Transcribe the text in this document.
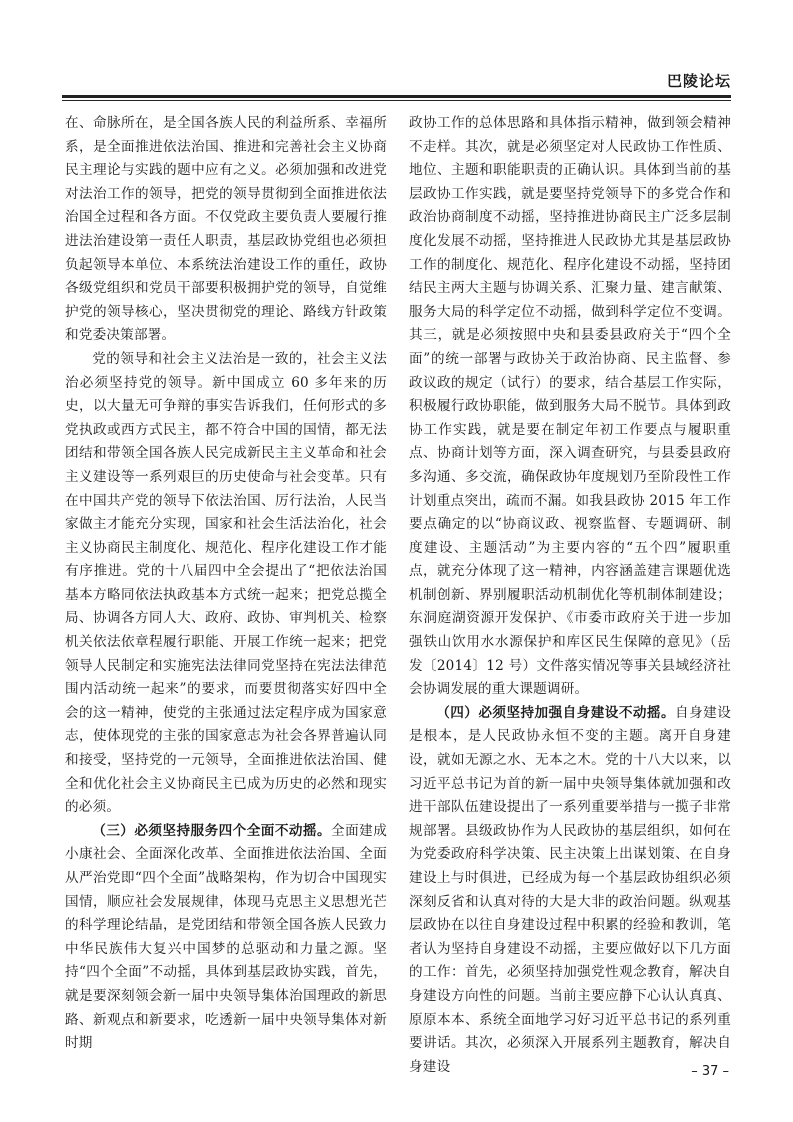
巴陵论坛

在、命脉所在，是全国各族人民的利益所系、幸福所系，是全面推进依法治国、推进和完善社会主义协商民主理论与实践的题中应有之义。必须加强和改进党对法治工作的领导，把党的领导贯彻到全面推进依法治国全过程和各方面。不仅党政主要负责人要履行推进法治建设第一责任人职责，基层政协党组也必须担负起领导本单位、本系统法治建设工作的重任，政协各级党组织和党员干部要积极拥护党的领导，自觉维护党的领导核心，坚决贯彻党的理论、路线方针政策和党委决策部署。

党的领导和社会主义法治是一致的，社会主义法治必须坚持党的领导。新中国成立 60 多年来的历史，以大量无可争辩的事实告诉我们，任何形式的多党执政或西方式民主，都不符合中国的国情，都无法团结和带领全国各族人民完成新民主主义革命和社会主义建设等一系列艰巨的历史使命与社会变革。只有在中国共产党的领导下依法治国、厉行法治，人民当家做主才能充分实现，国家和社会生活法治化，社会主义协商民主制度化、规范化、程序化建设工作才能有序推进。党的十八届四中全会提出了“把依法治国基本方略同依法执政基本方式统一起来；把党总揽全局、协调各方同人大、政府、政协、审判机关、检察机关依法依章程履行职能、开展工作统一起来；把党领导人民制定和实施宪法法律同党坚持在宪法法律范围内活动统一起来”的要求，而要贯彻落实好四中全会的这一精神，使党的主张通过法定程序成为国家意志，使体现党的主张的国家意志为社会各界普遍认同和接受，坚持党的一元领导，全面推进依法治国、健全和优化社会主义协商民主已成为历史的必然和现实的必须。

（三）必须坚持服务四个全面不动摇。全面建成小康社会、全面深化改革、全面推进依法治国、全面从严治党即“四个全面”战略架构，作为切合中国现实国情，顺应社会发展规律，体现马克思主义思想光芒的科学理论结晶，是党团结和带领全国各族人民致力中华民族伟大复兴中国梦的总驱动和力量之源。坚持“四个全面”不动摇，具体到基层政协实践，首先，就是要深刻领会新一届中央领导集体治国理政的新思路、新观点和新要求，吃透新一届中央领导集体对新时期

政协工作的总体思路和具体指示精神，做到领会精神不走样。其次，就是必须坚定对人民政协工作性质、地位、主题和职能职责的正确认识。具体到当前的基层政协工作实践，就是要坚持党领导下的多党合作和政治协商制度不动摇，坚持推进协商民主广泛多层制度化发展不动摇，坚持推进人民政协尤其是基层政协工作的制度化、规范化、程序化建设不动摇，坚持团结民主两大主题与协调关系、汇聚力量、建言献策、服务大局的科学定位不动摇，做到科学定位不变调。其三，就是必须按照中央和县委县政府关于“四个全面”的统一部署与政协关于政治协商、民主监督、参政议政的规定（试行）的要求，结合基层工作实际，积极履行政协职能，做到服务大局不脱节。具体到政协工作实践，就是要在制定年初工作要点与履职重点、协商计划等方面，深入调查研究，与县委县政府多沟通、多交流，确保政协年度规划乃至阶段性工作计划重点突出，疏而不漏。如我县政协 2015 年工作要点确定的以“协商议政、视察监督、专题调研、制度建设、主题活动”为主要内容的“五个四”履职重点，就充分体现了这一精神，内容涵盖建言课题优选机制创新、界别履职活动机制优化等机制体制建设；东洞庭湖资源开发保护、《市委市政府关于进一步加强铁山饮用水水源保护和库区民生保障的意见》（岳发〔2014〕12 号）文件落实情况等事关县域经济社会协调发展的重大课题调研。

（四）必须坚持加强自身建设不动摇。自身建设是根本，是人民政协永恒不变的主题。离开自身建设，就如无源之水、无本之木。党的十八大以来，以习近平总书记为首的新一届中央领导集体就加强和改进干部队伍建设提出了一系列重要举措与一揽子非常规部署。县级政协作为人民政协的基层组织，如何在为党委政府科学决策、民主决策上出谋划策、在自身建设上与时俱进，已经成为每一个基层政协组织必须深刻反省和认真对待的大是大非的政治问题。纵观基层政协在以往自身建设过程中积累的经验和教训，笔者认为坚持自身建设不动摇，主要应做好以下几方面的工作：首先，必须坚持加强党性观念教育，解决自身建设方向性的问题。当前主要应静下心认认真真、原原本本、系统全面地学习好习近平总书记的系列重要讲话。其次，必须深入开展系列主题教育，解决自身建设	– 37 –
